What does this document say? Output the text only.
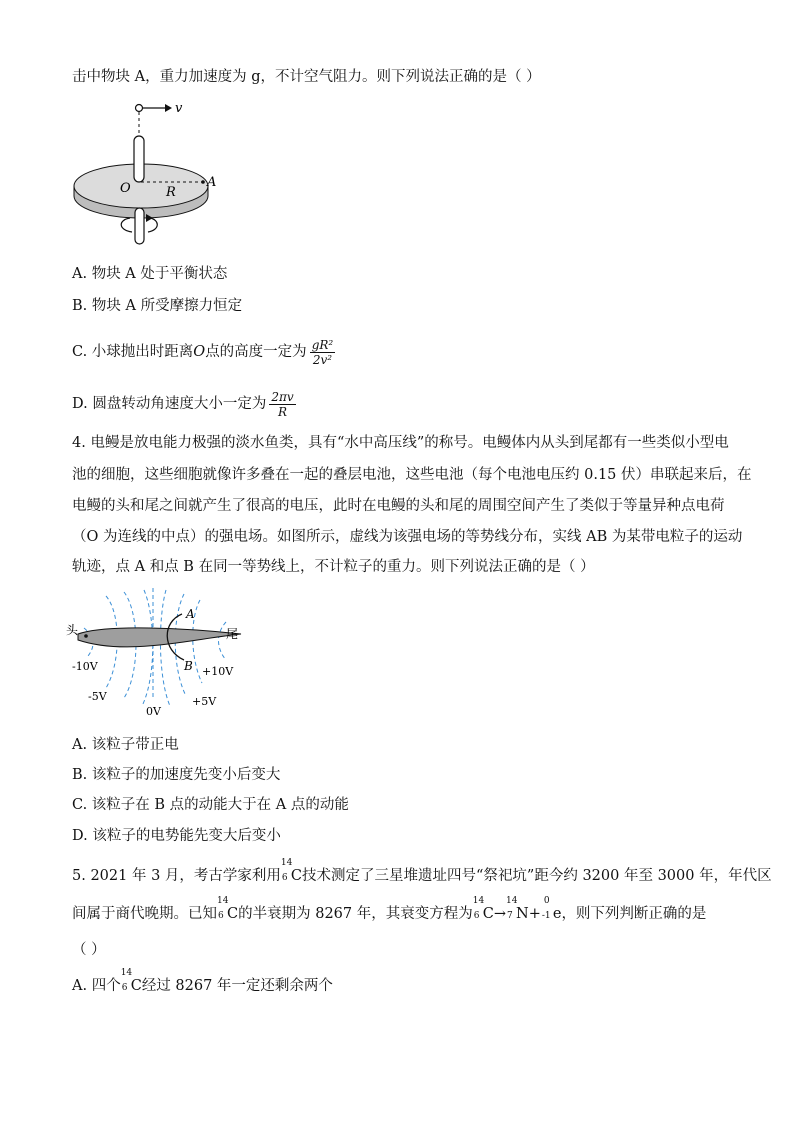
击中物块 A，重力加速度为 g，不计空气阻力。则下列说法正确的是（ ）
v
O	R
A
A. 物块 A 处于平衡状态
B. 物块 A 所受摩擦力恒定
C. 小球抛出时距离O点的高度一定为 $\frac{\text{gR²}}{\text{2v²}}$
D. 圆盘转动角速度大小一定为 $\frac{2\pi v}{R}$
4. 电鳗是放电能力极强的淡水鱼类，具有“水中高压线”的称号。电鳗体内从头到尾都有一些类似小型电
池的细胞，这些细胞就像许多叠在一起的叠层电池，这些电池（每个电池电压约 0.15 伏）串联起来后，在
电鳗的头和尾之间就产生了很高的电压，此时在电鳗的头和尾的周围空间产生了类似于等量异种点电荷
（O 为连线的中点）的强电场。如图所示，虚线为该强电场的等势线分布，实线 AB 为某带电粒子的运动
轨迹，点 A 和点 B 在同一等势线上，不计粒子的重力。则下列说法正确的是（ ）
头	尾
A
B
-10V
-5V
0V
+10V
+5V
A. 该粒子带正电
B. 该粒子的加速度先变小后变大
C. 该粒子在 B 点的动能大于在 A 点的动能
D. 该粒子的电势能先变大后变小
5. 2021 年 3 月，考古学家利用
14
6 C技术测定了三星堆遗址四号“祭祀坑”距今约 3200 年至 3000 年，年代区
间属于商代晚期。已知
14
6 C的半衰期为 8267 年，其衰变方程为
14
6 C→
14
7 N+
0
-1 e，则下列判断正确的是
（ ）
A. 四个
14
6 C经过 8267 年一定还剩余两个
